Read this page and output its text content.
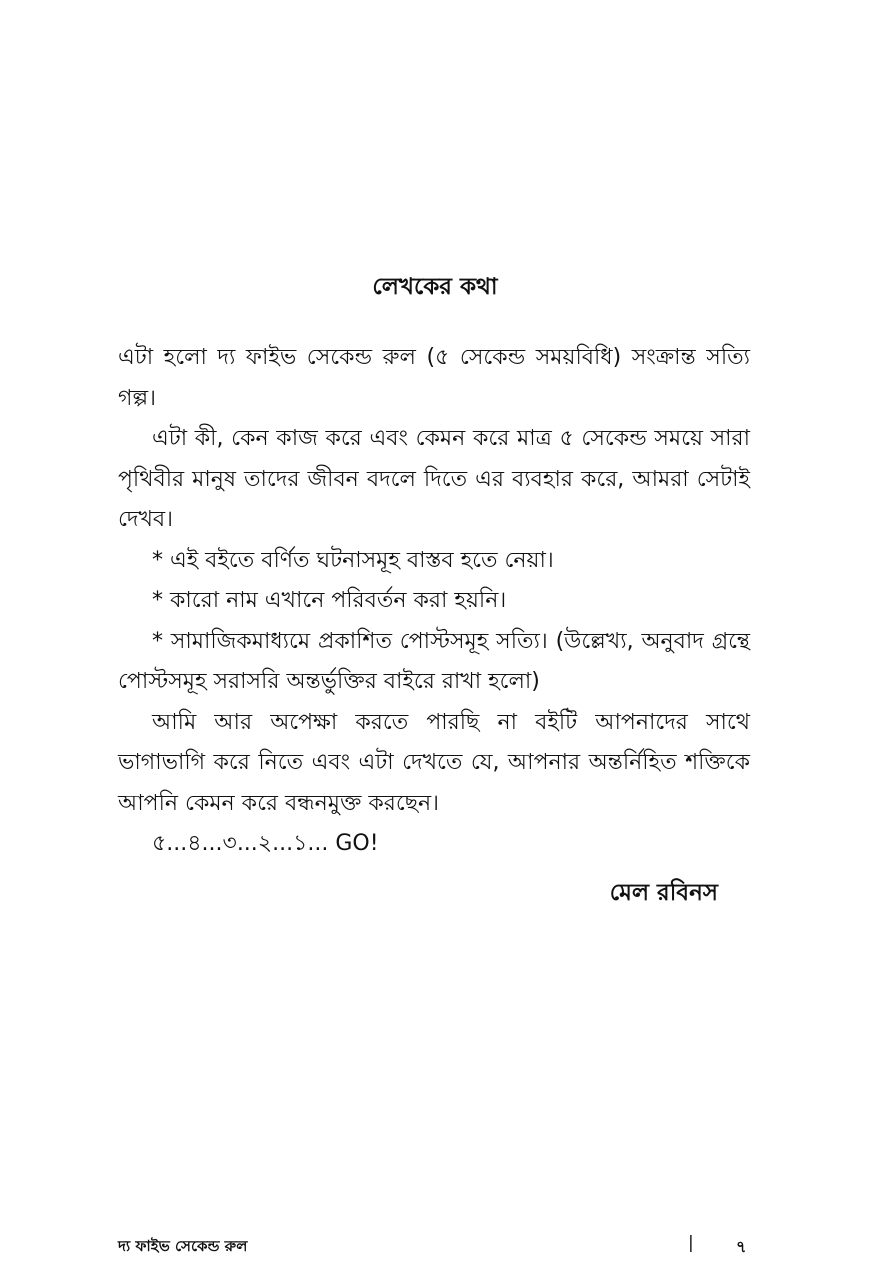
লেখকের কথা

এটা হলো দ্য ফাইভ সেকেন্ড রুল (৫ সেকেন্ড সময়বিধি) সংক্রান্ত সত্যি গল্প।

এটা কী, কেন কাজ করে এবং কেমন করে মাত্র ৫ সেকেন্ড সময়ে সারা পৃথিবীর মানুষ তাদের জীবন বদলে দিতে এর ব্যবহার করে, আমরা সেটাই দেখব।

* এই বইতে বর্ণিত ঘটনাসমূহ বাস্তব হতে নেয়া।

* কারো নাম এখানে পরিবর্তন করা হয়নি।

* সামাজিকমাধ্যমে প্রকাশিত পোস্টসমূহ সত্যি। (উল্লেখ্য, অনুবাদ গ্রন্থে পোস্টসমূহ সরাসরি অন্তর্ভুক্তির বাইরে রাখা হলো)

আমি আর অপেক্ষা করতে পারছি না বইটি আপনাদের সাথে ভাগাভাগি করে নিতে এবং এটা দেখতে যে, আপনার অন্তর্নিহিত শক্তিকে আপনি কেমন করে বন্ধনমুক্ত করছেন।

৫...৪...৩...২...১... GO!

মেল রবিনস
দ্য ফাইভ সেকেন্ড রুল	|	৭
